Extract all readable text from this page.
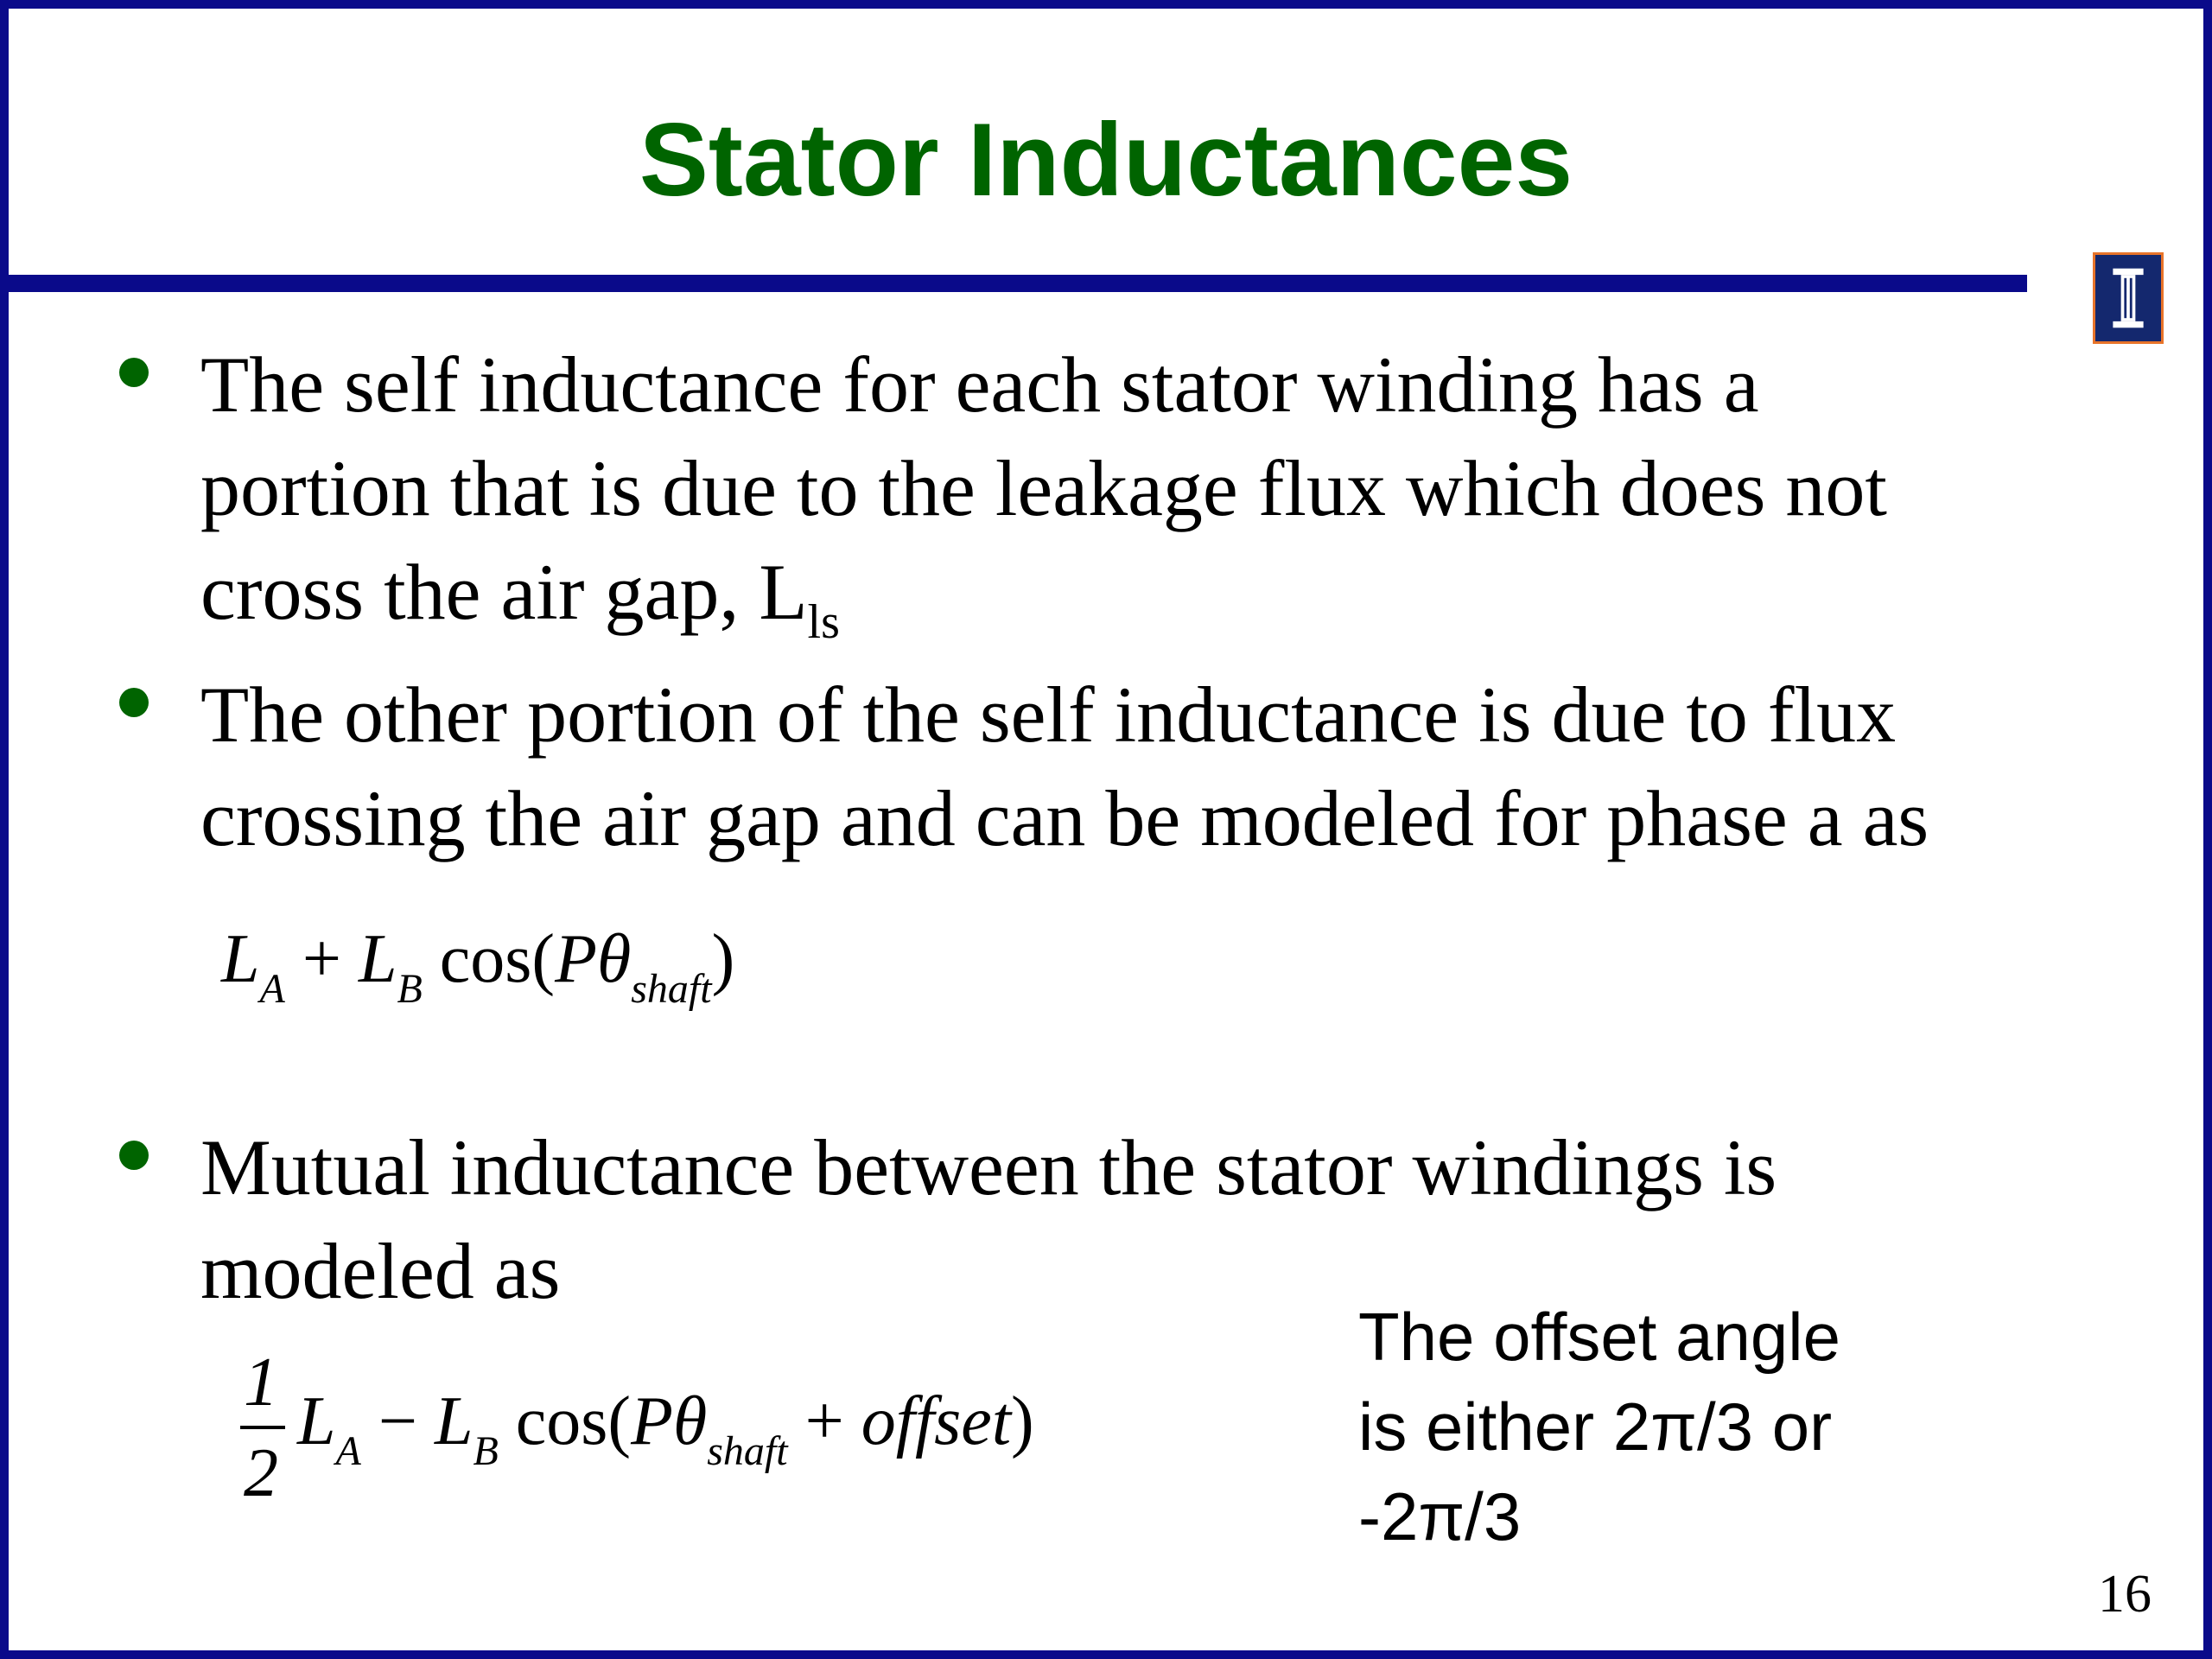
Stator Inductances
The self inductance for each stator winding has a
portion that is due to the leakage flux which does not
cross the air gap, $L_{ls}$
The other portion of the self inductance is due to flux
crossing the air gap and can be modeled for phase a as
$L_A + L_B$ $\cos(P\theta_{shaft})$
Mutual inductance between the stator windings is
modeled as
1
2
$L_A - L_B$ $\cos(P\theta_{shaft}$ + offset)
The offset angle
is either 2π/3 or
-2π/3
16
